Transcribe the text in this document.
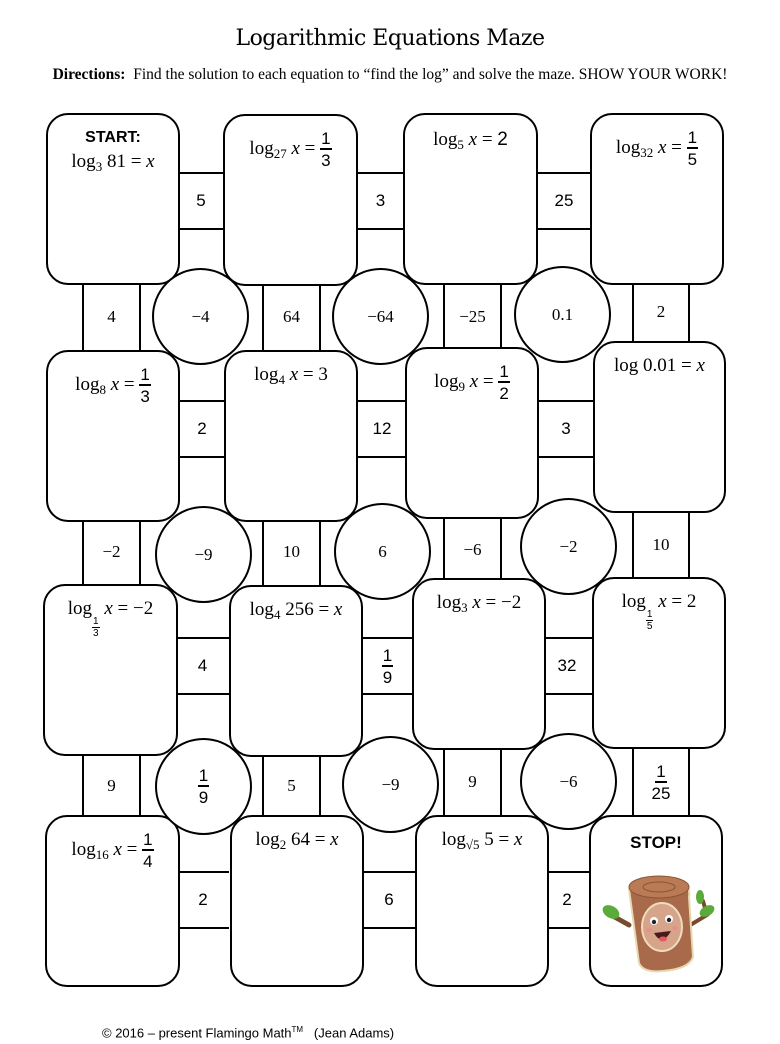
Logarithmic Equations Maze
Directions: Find the solution to each equation to “find the log” and solve the maze. SHOW YOUR WORK!
5	3	25
2	12	3
4	$\frac{1}{9}$	32
2	6	2
4	64	−25	2
−4	−64	0.1
−2	10	−6	10
−9	6	−2
9	5	9	$\frac{1}{25}$
$\frac{1}{9}$	−9	−6
START:
$\log_3 81 = x$
$\log_{27} x = \frac{1}{3}$	$\log_5 x = 2$	$\log_{32} x = \frac{1}{5}$
$\log_8 x = \frac{1}{3}$	$\log_4 x = 3$	$\log_9 x = \frac{1}{2}$	log 0.01 = x
log
$\frac{1}{3}$
x = −2	$\log_4 256 = x$	$\log_3 x = -2$	log
$\frac{1}{5}$
x = 2
$\log_{16} x = \frac{1}{4}$	$\log_2 64 = x$	$\log_{√5} 5 = x$	STOP!
© 2016 – present Flamingo Math™ (Jean Adams)
